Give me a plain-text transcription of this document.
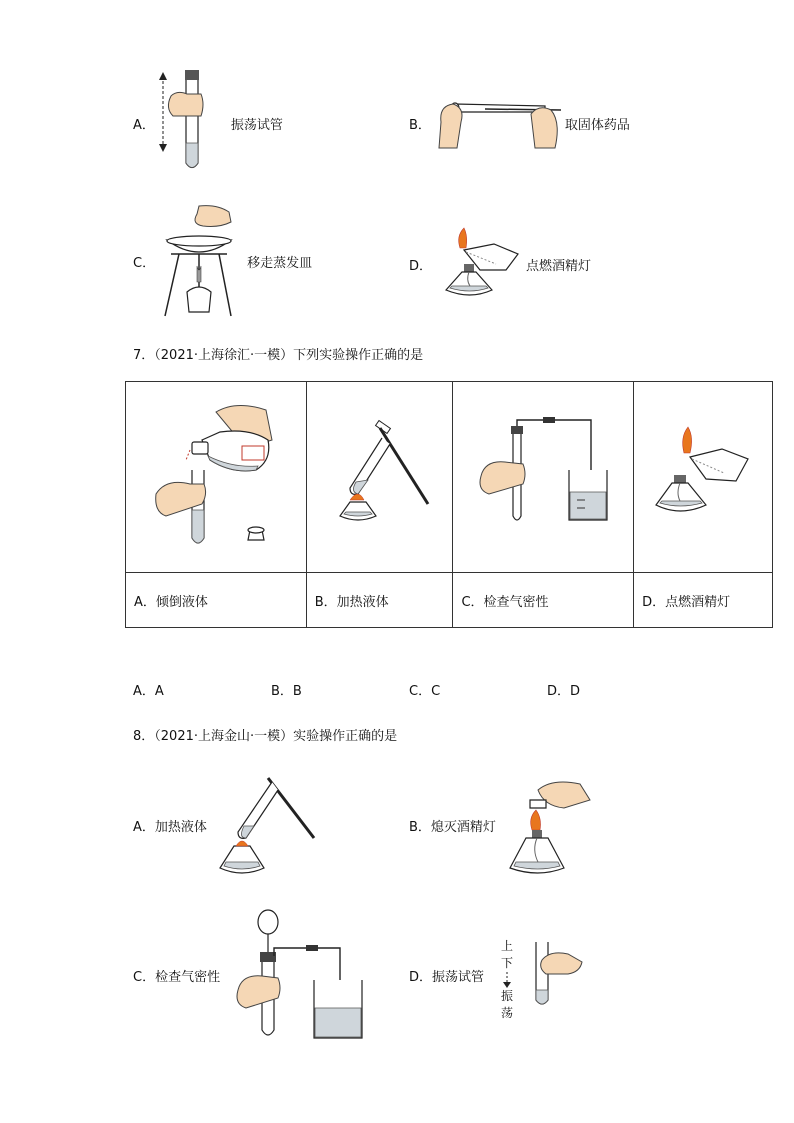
A．	振荡试管	B．	取固体药品
C．	移走蒸发皿	D．	点燃酒精灯
7．（2021·上海徐汇·一模）下列实验操作正确的是

A．倾倒液体	B．加热液体	C．检查气密性	D．点燃酒精灯
A．A	B．B	C．C	D．D
8．（2021·上海金山·一模）实验操作正确的是
A． 加热液体	B． 熄灭酒精灯
C． 检查气密性	D． 振荡试管
上
下
振
荡
